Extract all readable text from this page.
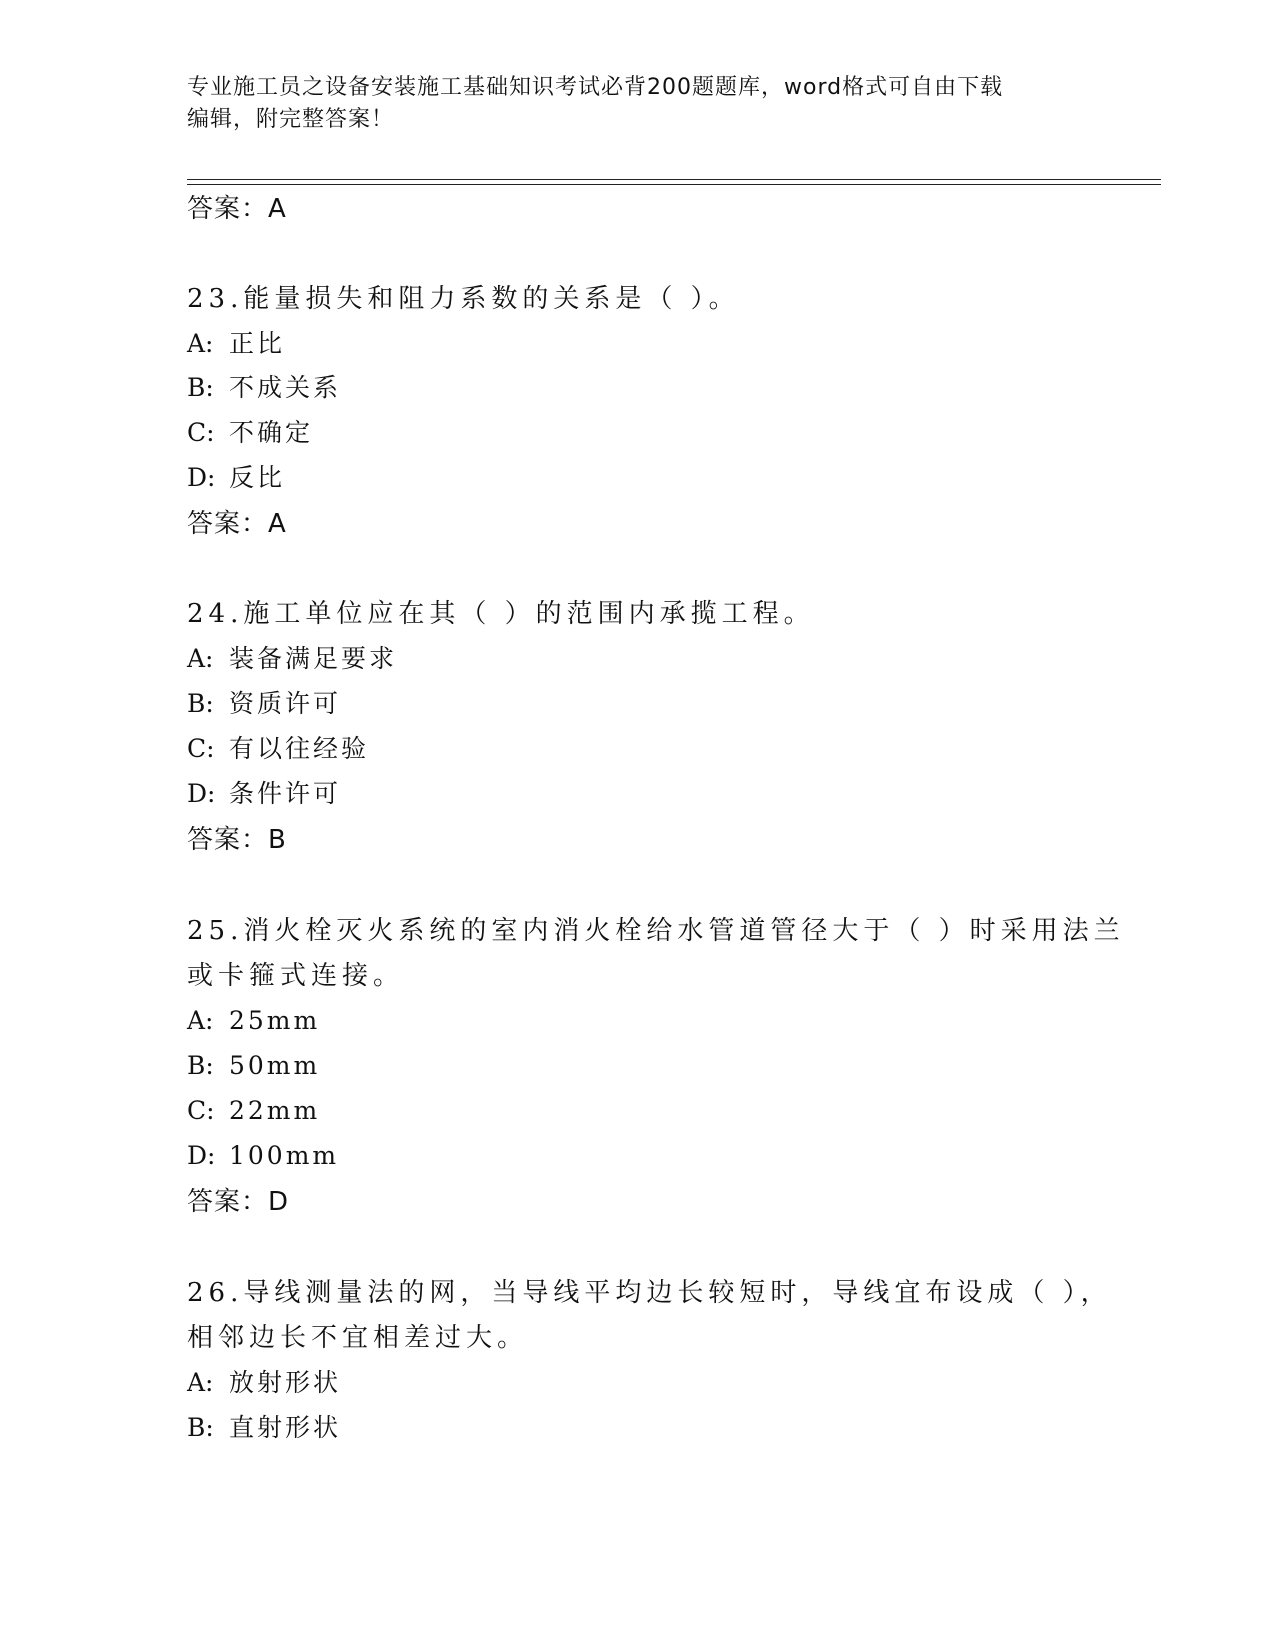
专业施工员之设备安装施工基础知识考试必背200题题库，word格式可自由下载
编辑，附完整答案！
答案：A
23.能量损失和阻力系数的关系是（ ）。
A: 正比
B: 不成关系
C: 不确定
D: 反比
答案：A
24.施工单位应在其（ ）的范围内承揽工程。
A: 装备满足要求
B: 资质许可
C: 有以往经验
D: 条件许可
答案：B
25.消火栓灭火系统的室内消火栓给水管道管径大于（ ）时采用法兰
或卡箍式连接。
A: 25mm
B: 50mm
C: 22mm
D: 100mm
答案：D
26.导线测量法的网，当导线平均边长较短时，导线宜布设成（ ），
相邻边长不宜相差过大。
A: 放射形状
B: 直射形状
